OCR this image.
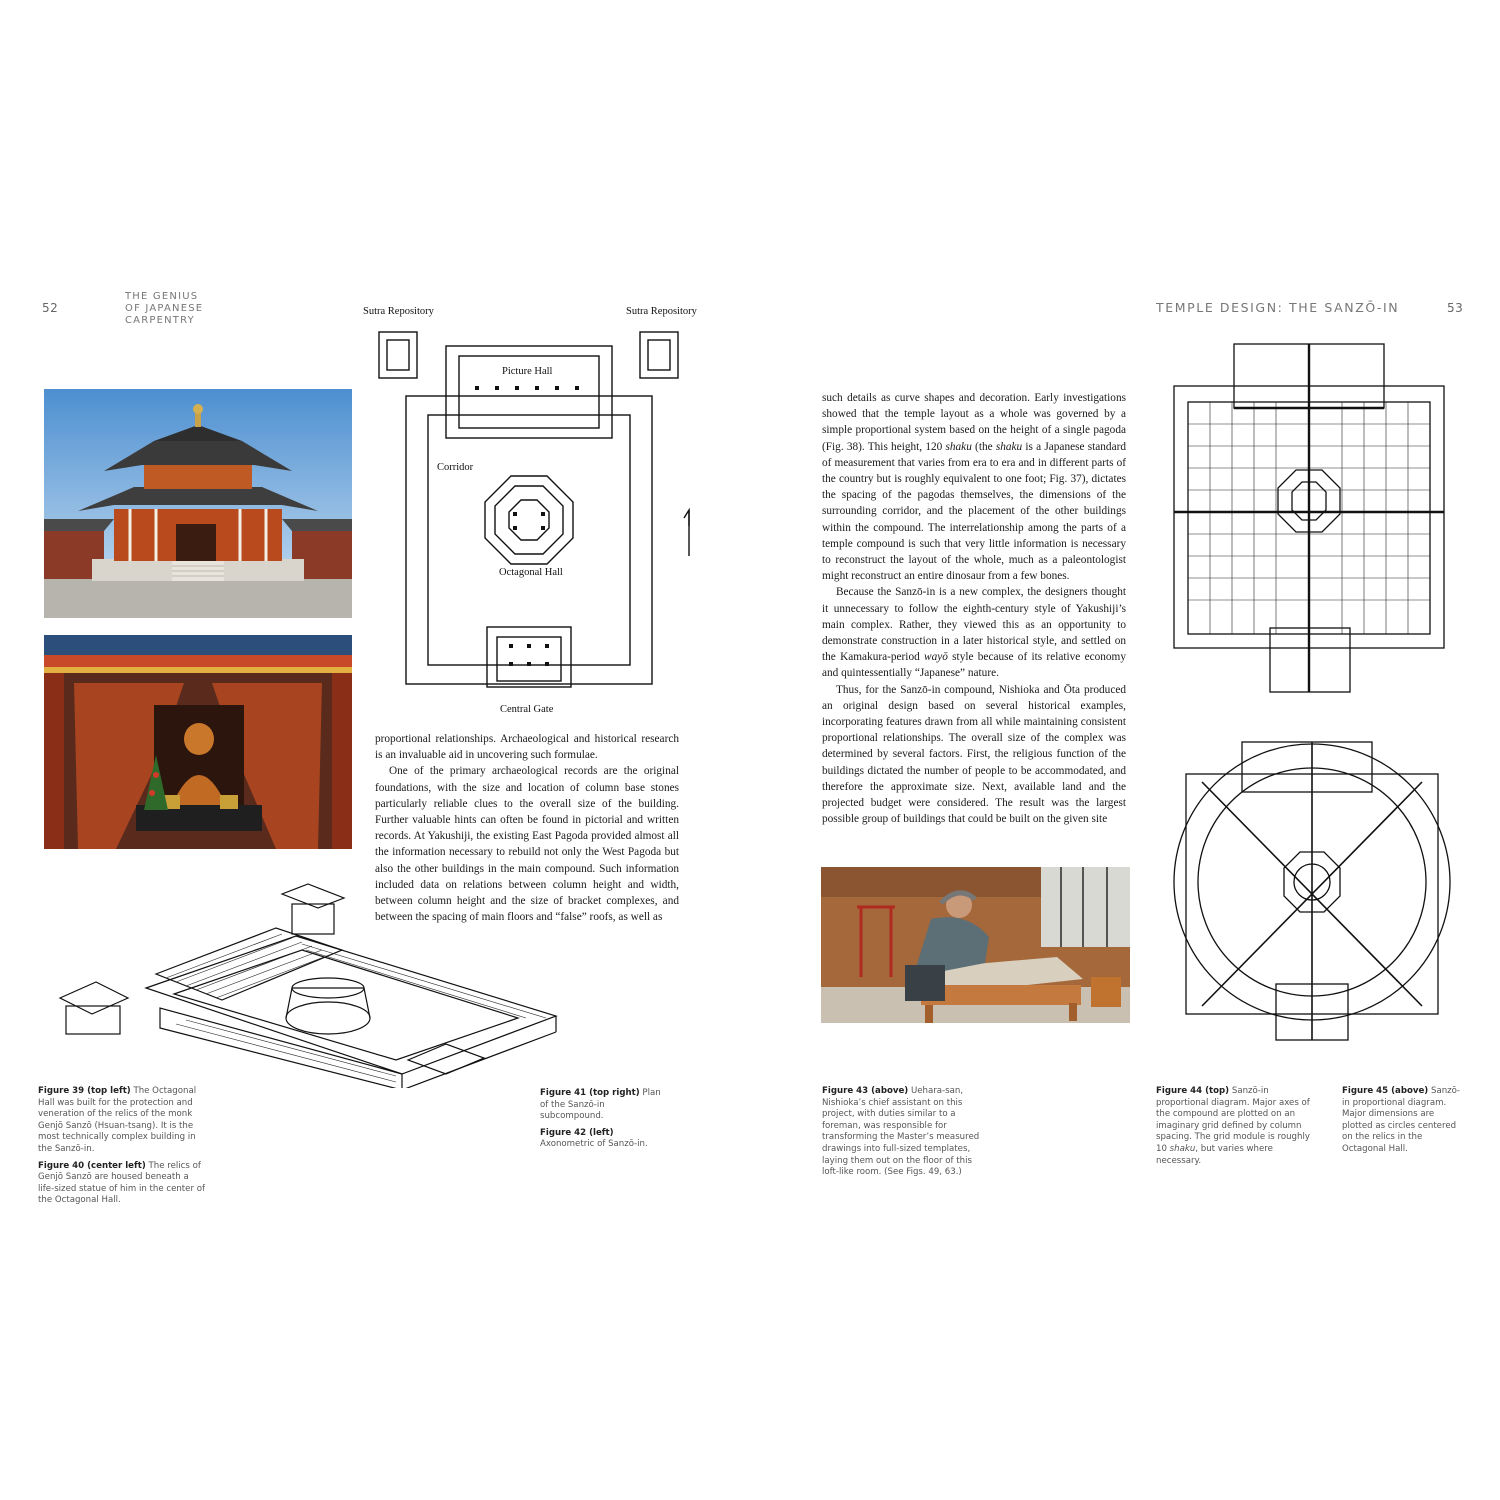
52
THE GENIUS
OF JAPANESE
CARPENTRY
Sutra Repository	Sutra Repository
Picture Hall
Corridor
Octagonal Hall
Central Gate

proportional relationships. Archaeological and historical research is an invaluable aid in uncovering such formulae.

One of the primary archaeological records are the original foundations, with the size and location of column base stones particularly reliable clues to the overall size of the building. Further valuable hints can often be found in pictorial and written records. At Yakushiji, the existing East Pagoda provided almost all the information necessary to rebuild not only the West Pagoda but also the other buildings in the main compound. Such information included data on relations between column height and width, between column height and the size of bracket complexes, and between the spacing of main floors and “false” roofs, as well as

Figure 39 (top left) The Octagonal Hall was built for the protection and veneration of the relics of the monk Genjō Sanzō (Hsuan-tsang). It is the most technically complex building in the Sanzō-in.

Figure 40 (center left) The relics of Genjō Sanzō are housed beneath a life-sized statue of him in the center of the Octagonal Hall.

Figure 41 (top right) Plan of the Sanzō-in subcompound.

Figure 42 (left) Axonometric of Sanzō-in.

TEMPLE DESIGN: THE SANZŌ-IN	53

such details as curve shapes and decoration. Early investigations showed that the temple layout as a whole was governed by a simple proportional system based on the height of a single pagoda (Fig. 38). This height, 120 shaku (the shaku is a Japanese standard of measurement that varies from era to era and in different parts of the country but is roughly equivalent to one foot; Fig. 37), dictates the spacing of the pagodas themselves, the dimensions of the surrounding corridor, and the placement of the other buildings within the compound. The interrelationship among the parts of a temple compound is such that very little information is necessary to reconstruct the layout of the whole, much as a paleontologist might reconstruct an entire dinosaur from a few bones.

Because the Sanzō-in is a new complex, the designers thought it unnecessary to follow the eighth-century style of Yakushiji’s main complex. Rather, they viewed this as an opportunity to demonstrate construction in a later historical style, and settled on the Kamakura-period wayō style because of its relative economy and quintessentially “Japanese” nature.

Thus, for the Sanzō-in compound, Nishioka and Ōta produced an original design based on several historical examples, incorporating features drawn from all while maintaining consistent proportional relationships. The overall size of the complex was determined by several factors. First, the religious function of the buildings dictated the number of people to be accommodated, and therefore the approximate size. Next, available land and the projected budget were considered. The result was the largest possible group of buildings that could be built on the given site

Figure 43 (above) Uehara-san, Nishioka’s chief assistant on this project, with duties similar to a foreman, was responsible for transforming the Master’s measured drawings into full-sized templates, laying them out on the floor of this loft-like room. (See Figs. 49, 63.)

Figure 44 (top) Sanzō-in proportional diagram. Major axes of the compound are plotted on an imaginary grid defined by column spacing. The grid module is roughly 10 shaku, but varies where necessary.

Figure 45 (above) Sanzō-in proportional diagram. Major dimensions are plotted as circles centered on the relics in the Octagonal Hall.
